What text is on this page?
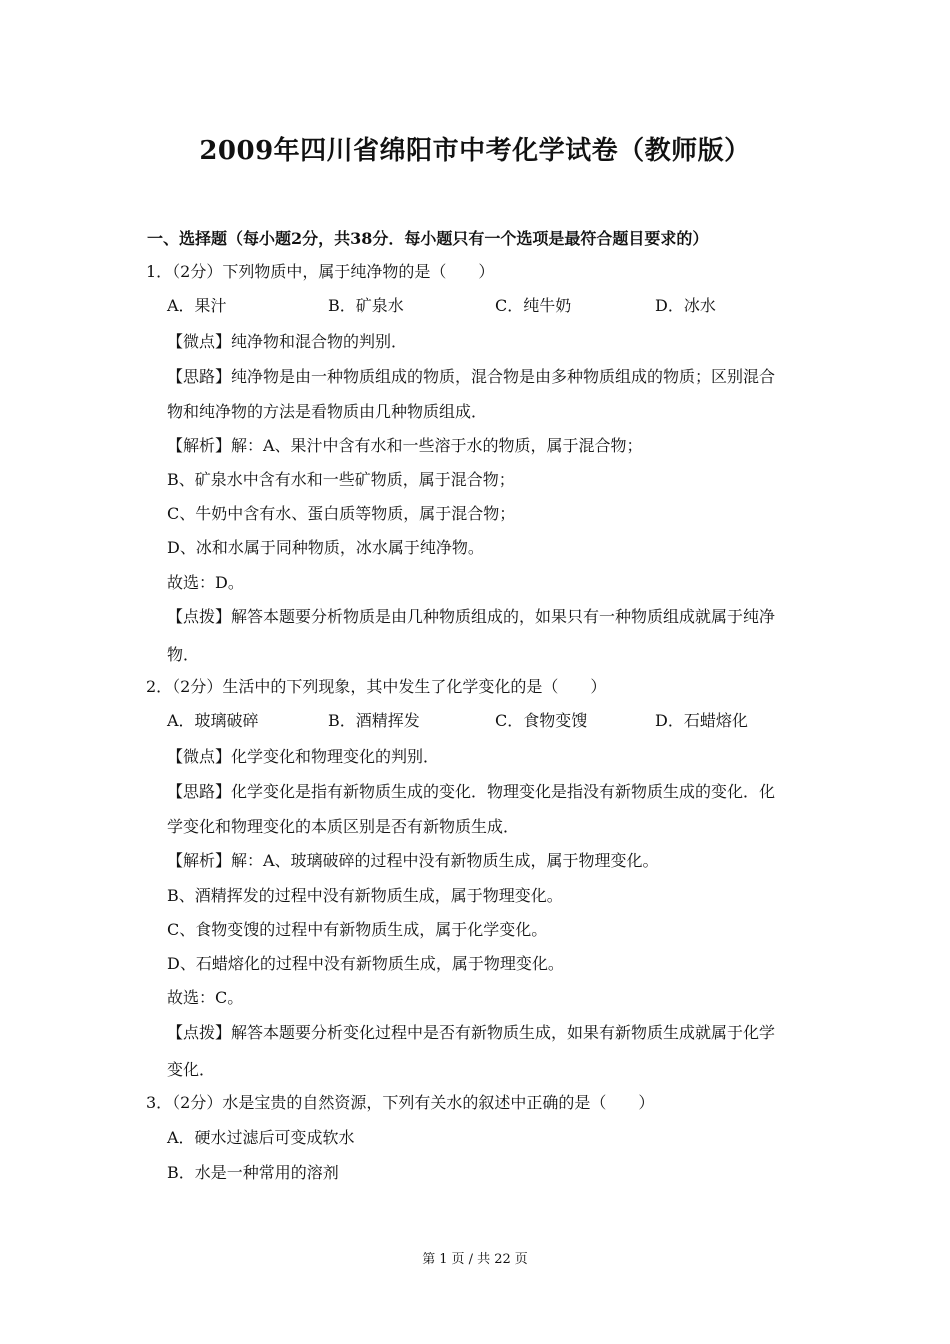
2009年四川省绵阳市中考化学试卷（教师版）
一、选择题（每小题2分，共38分．每小题只有一个选项是最符合题目要求的）
1．（2分）下列物质中，属于纯净物的是（　　）
A．果汁	B．矿泉水	C．纯牛奶	D．冰水
【微点】纯净物和混合物的判别．
【思路】纯净物是由一种物质组成的物质，混合物是由多种物质组成的物质；区别混合
物和纯净物的方法是看物质由几种物质组成．
【解析】解：A、果汁中含有水和一些溶于水的物质，属于混合物；
B、矿泉水中含有水和一些矿物质，属于混合物；
C、牛奶中含有水、蛋白质等物质，属于混合物；
D、冰和水属于同种物质，冰水属于纯净物。
故选：D。
【点拨】解答本题要分析物质是由几种物质组成的，如果只有一种物质组成就属于纯净
物．
2．（2分）生活中的下列现象，其中发生了化学变化的是（　　）
A．玻璃破碎	B．酒精挥发	C．食物变馊	D．石蜡熔化
【微点】化学变化和物理变化的判别．
【思路】化学变化是指有新物质生成的变化．物理变化是指没有新物质生成的变化．化
学变化和物理变化的本质区别是否有新物质生成．
【解析】解：A、玻璃破碎的过程中没有新物质生成，属于物理变化。
B、酒精挥发的过程中没有新物质生成，属于物理变化。
C、食物变馊的过程中有新物质生成，属于化学变化。
D、石蜡熔化的过程中没有新物质生成，属于物理变化。
故选：C。
【点拨】解答本题要分析变化过程中是否有新物质生成，如果有新物质生成就属于化学
变化．
3．（2分）水是宝贵的自然资源，下列有关水的叙述中正确的是（　　）
A．硬水过滤后可变成软水
B．水是一种常用的溶剂
第 1 页 / 共 22 页
